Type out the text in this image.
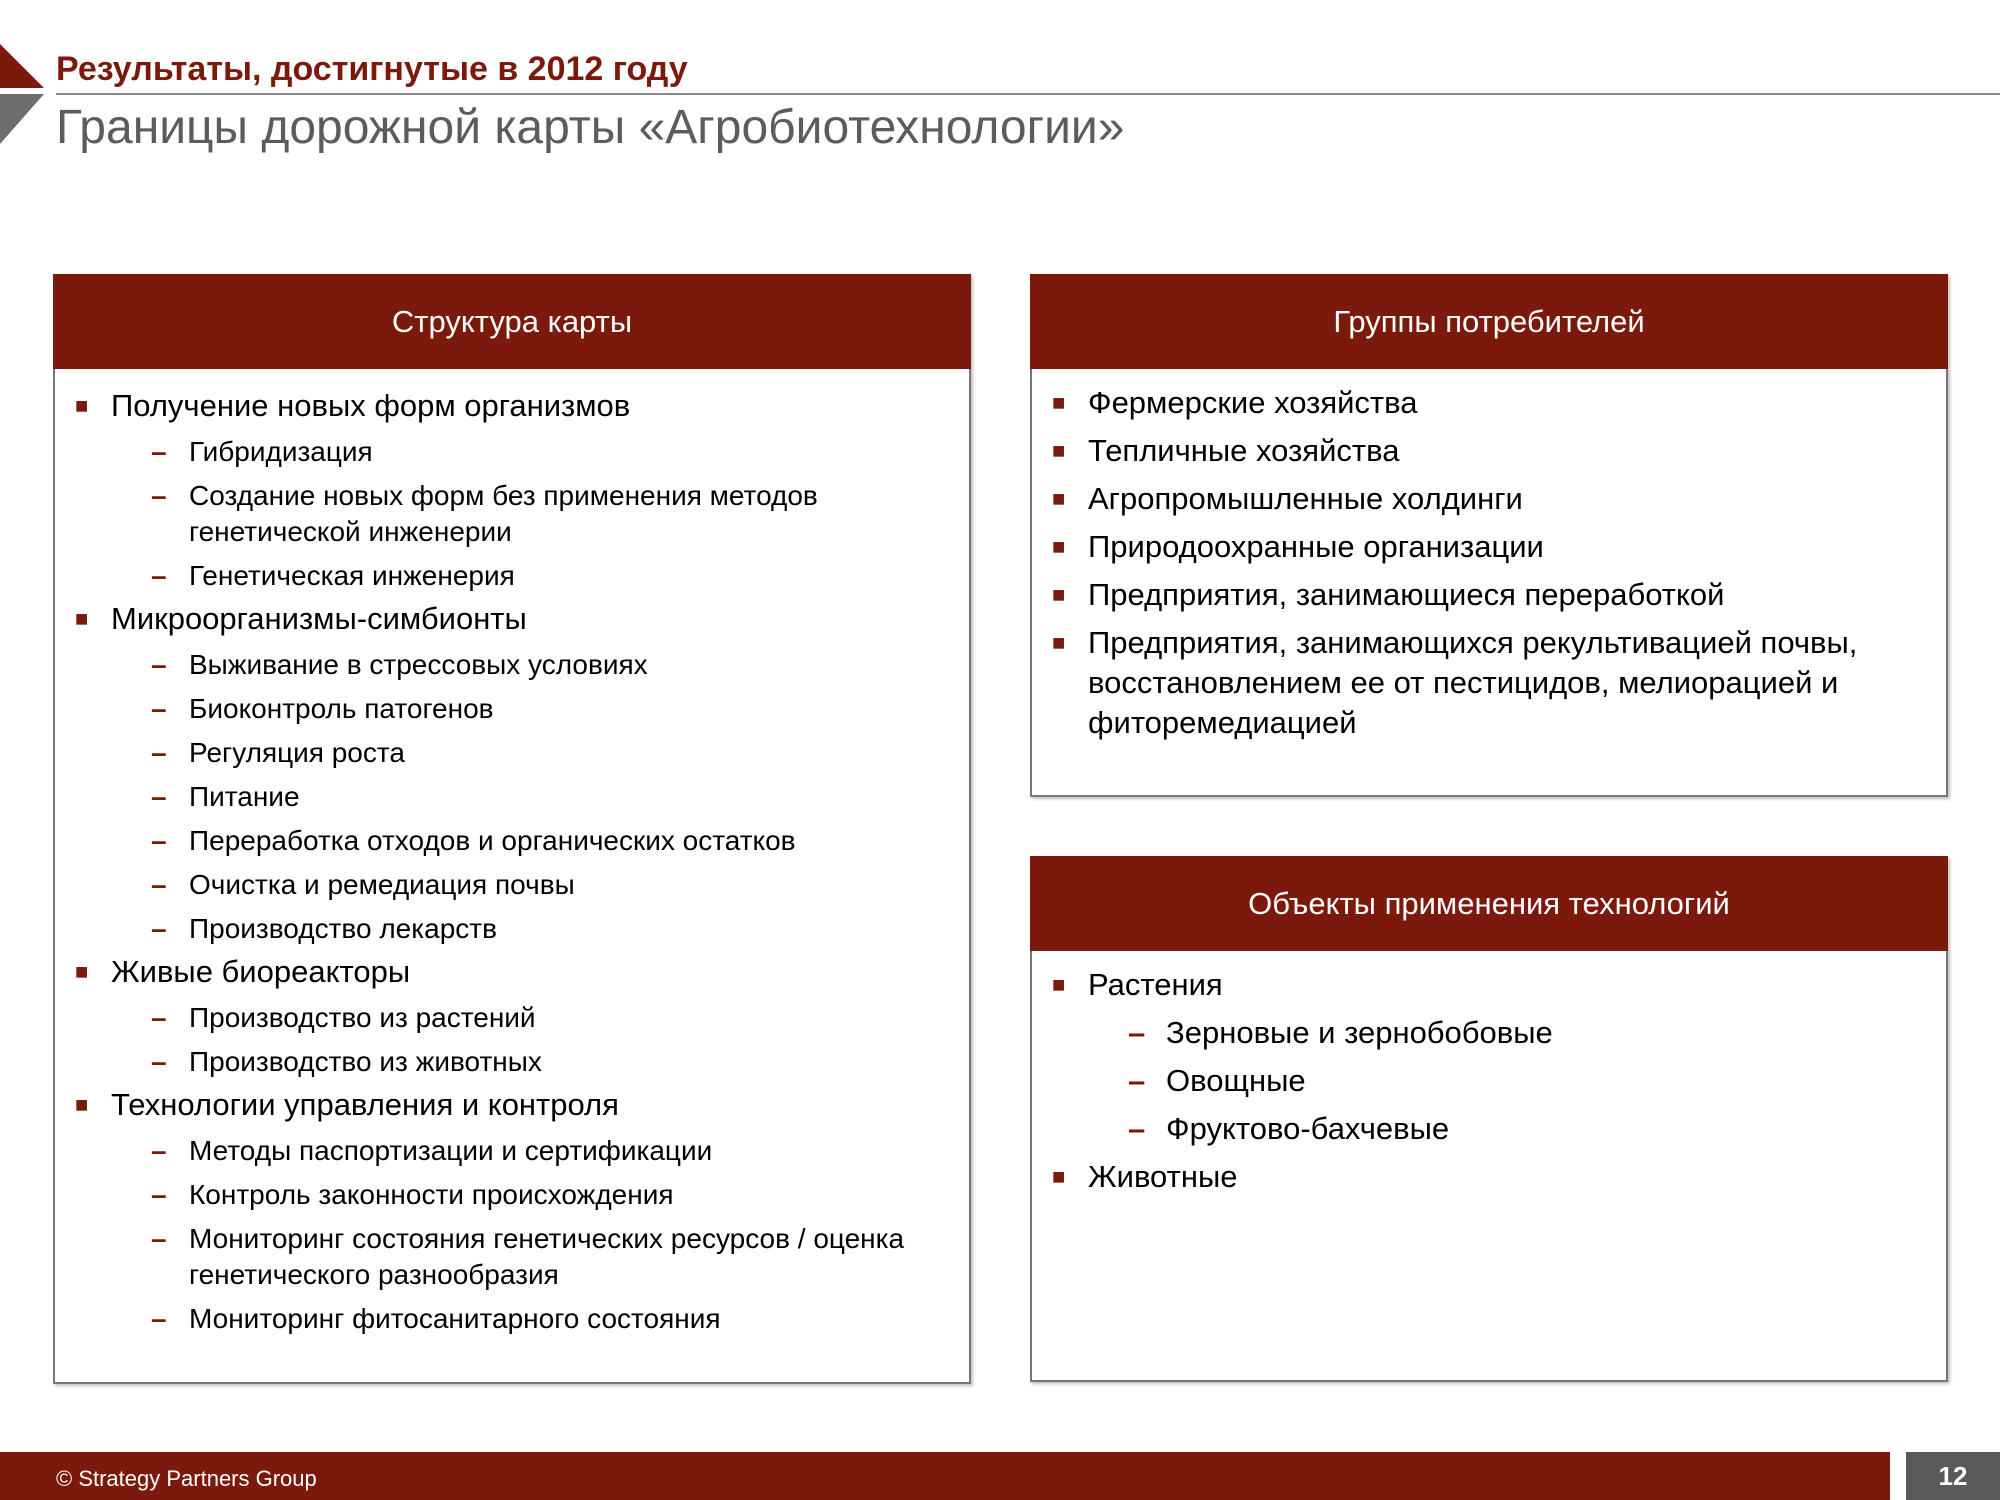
Результаты, достигнутые в 2012 году
Границы дорожной карты «Агробиотехнологии»
Структура карты
■ Получение новых форм организмов
– Гибридизация
– Создание новых форм без применения методов генетической инженерии
– Генетическая инженерия
■ Микроорганизмы-симбионты
– Выживание в стрессовых условиях
– Биоконтроль патогенов
– Регуляция роста
– Питание
– Переработка отходов и органических остатков
– Очистка и ремедиация почвы
– Производство лекарств
■ Живые биореакторы
– Производство из растений
– Производство из животных
■ Технологии управления и контроля
– Методы паспортизации и сертификации
– Контроль законности происхождения
– Мониторинг состояния генетических ресурсов / оценка генетического разнообразия
– Мониторинг фитосанитарного состояния
Группы потребителей
■ Фермерские хозяйства
■ Тепличные хозяйства
■ Агропромышленные холдинги
■ Природоохранные организации
■ Предприятия, занимающиеся переработкой
■ Предприятия, занимающихся рекультивацией почвы, восстановлением ее от пестицидов, мелиорацией и фиторемедиацией
Объекты применения технологий
■ Растения
– Зерновые и зернобобовые
– Овощные
– Фруктово-бахчевые
■ Животные
© Strategy Partners Group	12
